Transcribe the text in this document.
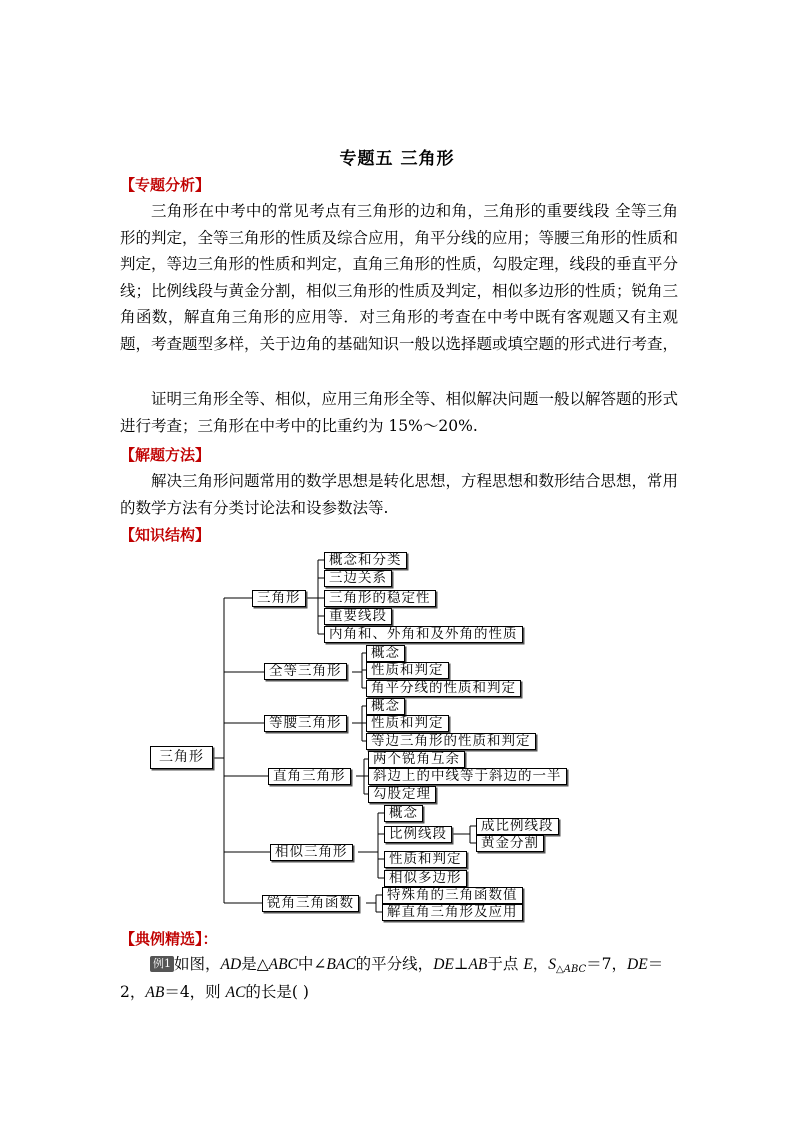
专题五 三角形
【专题分析】
三角形在中考中的常见考点有三角形的边和角，三角形的重要线段 全等三角形的判定，全等三角形的性质及综合应用，角平分线的应用；等腰三角形的性质和判定，等边三角形的性质和判定，直角三角形的性质，勾股定理，线段的垂直平分线；比例线段与黄金分割，相似三角形的性质及判定，相似多边形的性质；锐角三角函数，解直角三角形的应用等．对三角形的考查在中考中既有客观题又有主观题，考查题型多样，关于边角的基础知识一般以选择题或填空题的形式进行考查，
证明三角形全等、相似，应用三角形全等、相似解决问题一般以解答题的形式进行考查；三角形在中考中的比重约为 15%～20%.
【解题方法】
解决三角形问题常用的数学思想是转化思想，方程思想和数形结合思想，常用的数学方法有分类讨论法和设参数法等.
【知识结构】
三角形
三角形
概念和分类
三边关系
三角形的稳定性
重要线段
内角和、外角和及外角的性质
全等三角形
概念
性质和判定
角平分线的性质和判定
等腰三角形
概念
性质和判定
等边三角形的性质和判定
直角三角形
两个锐角互余
斜边上的中线等于斜边的一半
勾股定理
相似三角形
概念
比例线段
性质和判定
相似多边形
成比例线段
黄金分割
锐角三角函数	特殊角的三角函数值
解直角三角形及应用
【典例精选】：
例1 如图，AD是△ABC中∠BAC的平分线，DE⊥AB于点 E，$S_{\triangle ABC}=7$，DE＝
2，AB＝4，则 AC的长是( )
